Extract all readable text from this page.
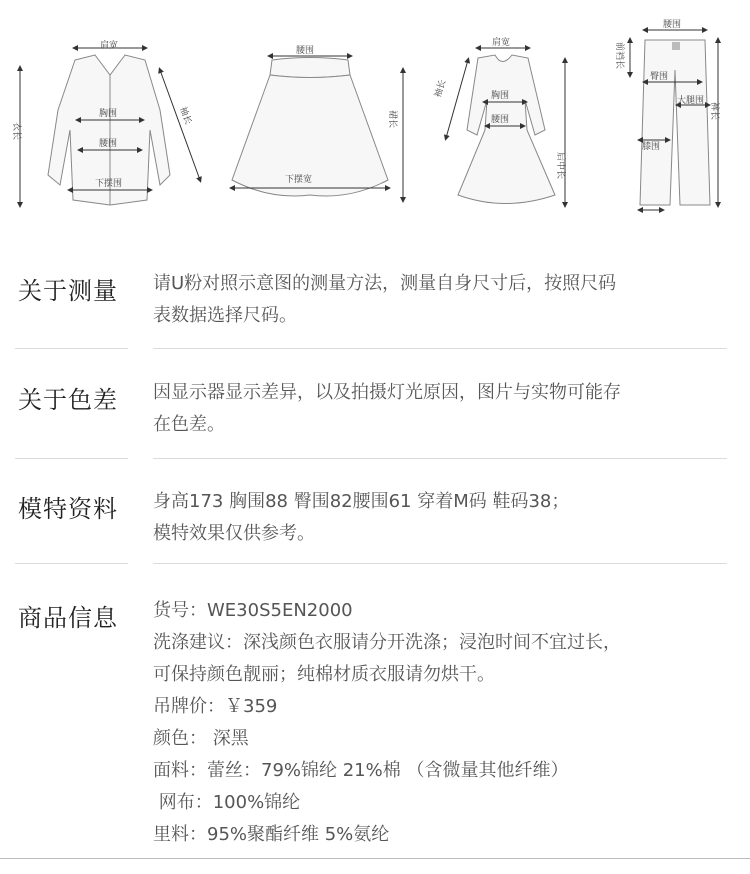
肩宽
胸围
腰围
下摆围
衣长
袖长
腰围
下摆宽
裙长
肩宽
胸围
腰围
袖长
后中长
腰围
前裆长
臀围
大腿围
膝围
裤长
关于测量 请U粉对照示意图的测量方法，测量自身尺寸后，按照尺码

表数据选择尺码。

关于色差 因显示器显示差异，以及拍摄灯光原因，图片与实物可能存

在色差。

模特资料 身高173 胸围88 臀围82腰围61 穿着M码 鞋码38；

模特效果仅供参考。

商品信息 货号：WE30S5EN2000

洗涤建议：深浅颜色衣服请分开洗涤；浸泡时间不宜过长，

可保持颜色靓丽；纯棉材质衣服请勿烘干。

吊牌价：￥359

颜色： 深黑

面料：蕾丝：79%锦纶 21%棉 （含微量其他纤维）

网布：100%锦纶

里料：95%聚酯纤维 5%氨纶
